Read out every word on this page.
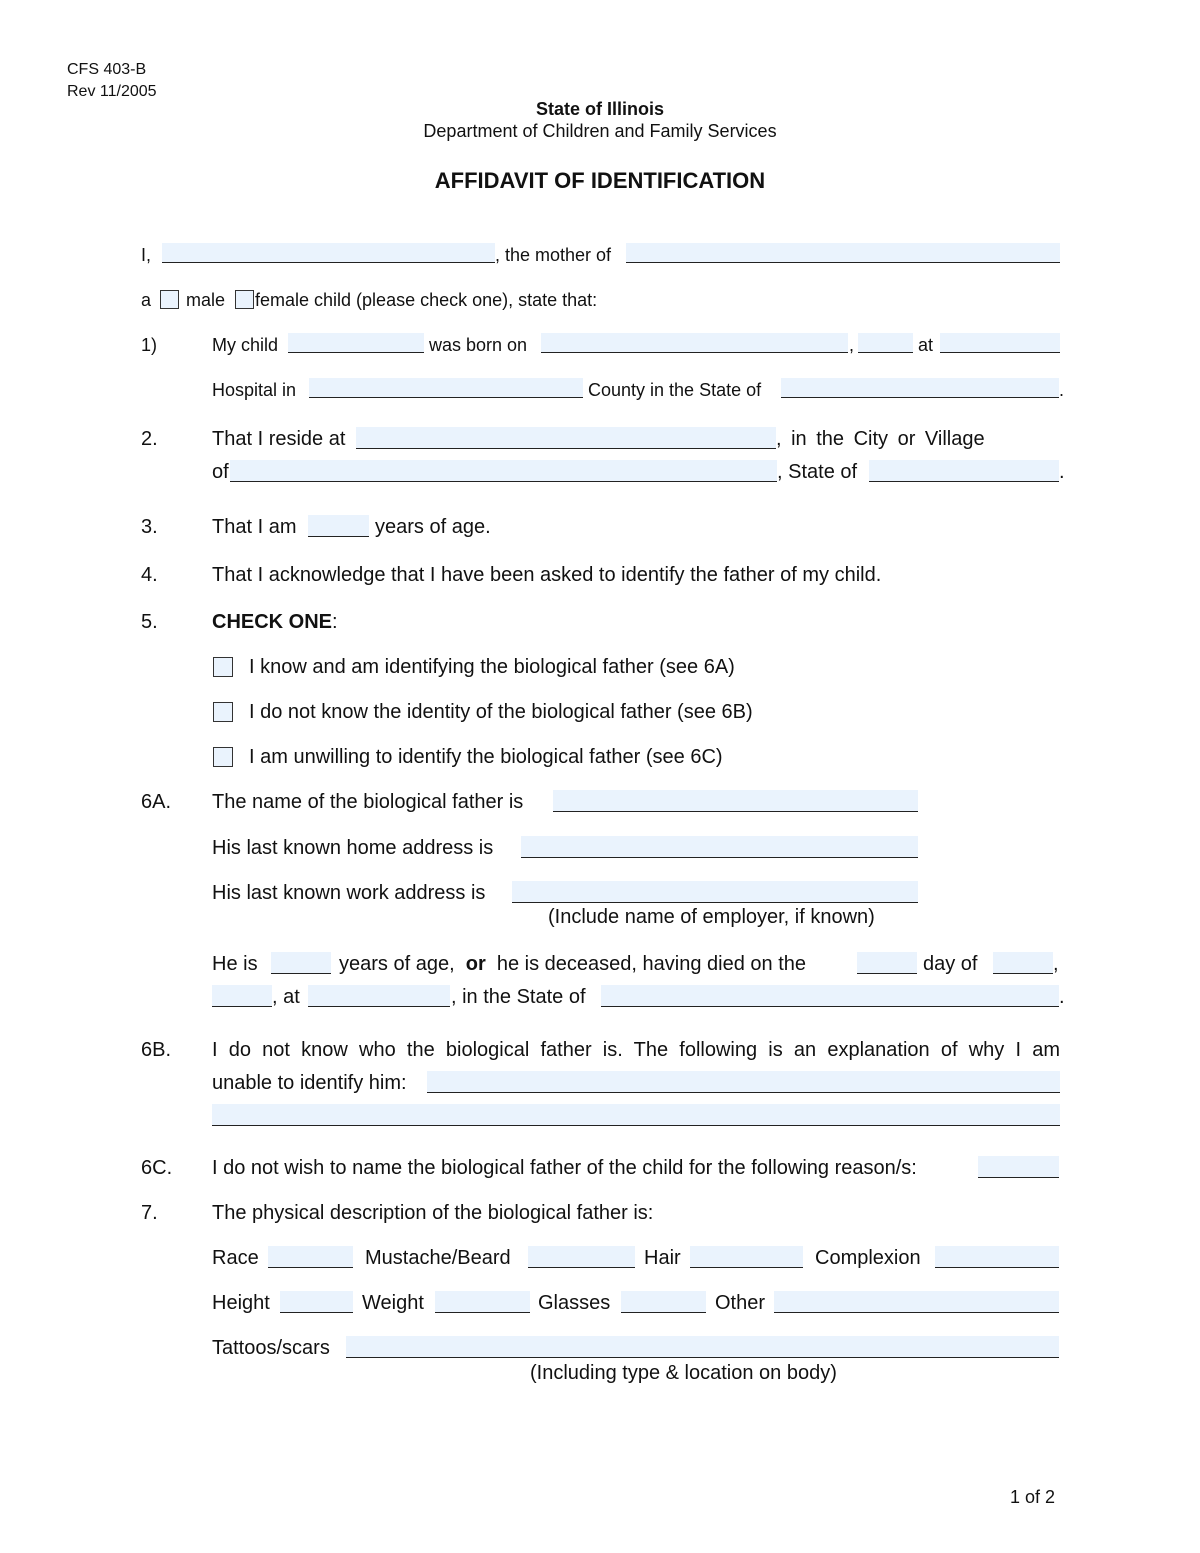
CFS 403-B
Rev 11/2005
State of Illinois
Department of Children and Family Services
AFFIDAVIT OF IDENTIFICATION
I,	, the mother of
a male female child (please check one), state that:
1)	My child	was born on	,	at
Hospital in	County in the State of	.
2.	That I reside at	, in the City or Village
of	, State of	.
3.	That I am	years of age.
4.	That I acknowledge that I have been asked to identify the father of my child.
5.	CHECK ONE:
I know and am identifying the biological father (see 6A)
I do not know the identity of the biological father (see 6B)
I am unwilling to identify the biological father (see 6C)
6A. The name of the biological father is
His last known home address is
His last known work address is
(Include name of employer, if known)
He is	years of age, or he is deceased, having died on the	day of	,
, at	, in the State of	.
6B. I do not know who the biological father is. The following is an explanation of why I am
unable to identify him:
6C. I do not wish to name the biological father of the child for the following reason/s:
7.	The physical description of the biological father is:
Race	Mustache/Beard	Hair	Complexion
Height	Weight	Glasses	Other
Tattoos/scars
(Including type & location on body)
1 of 2
